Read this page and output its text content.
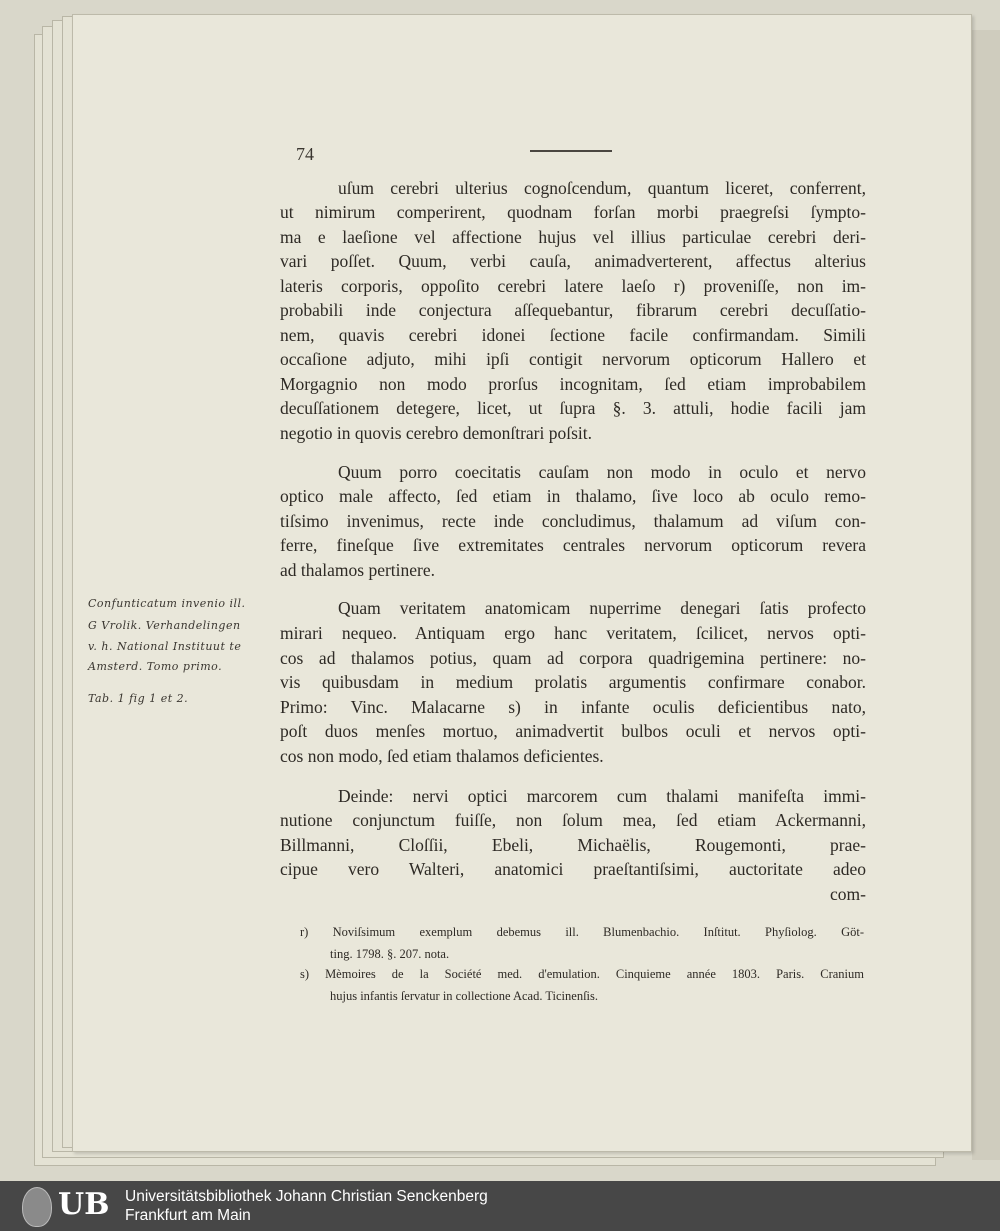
74
uſum cerebri ulterius cognoſcendum, quantum liceret, conferrent,
ut nimirum comperirent, quodnam forſan morbi praegreſsi ſympto-
ma e laeſione vel affectione hujus vel illius particulae cerebri deri-
vari poſſet. Quum, verbi cauſa, animadverterent, affectus alterius
lateris corporis, oppoſito cerebri latere laeſo r) proveniſſe, non im-
probabili inde conjectura aſſequebantur, fibrarum cerebri decuſſatio-
nem, quavis cerebri idonei ſectione facile confirmandam. Simili
occaſione adjuto, mihi ipſi contigit nervorum opticorum Hallero et
Morgagnio non modo prorſus incognitam, ſed etiam improbabilem
decuſſationem detegere, licet, ut ſupra §. 3. attuli, hodie facili jam
negotio in quovis cerebro demonſtrari poſsit.
Quum porro coecitatis cauſam non modo in oculo et nervo
optico male affecto, ſed etiam in thalamo, ſive loco ab oculo remo-
tiſsimo invenimus, recte inde concludimus, thalamum ad viſum con-
ferre, fineſque ſive extremitates centrales nervorum opticorum revera
ad thalamos pertinere.
Quam veritatem anatomicam nuperrime denegari ſatis profecto
mirari nequeo. Antiquam ergo hanc veritatem, ſcilicet, nervos opti-
cos ad thalamos potius, quam ad corpora quadrigemina pertinere: no-
vis quibusdam in medium prolatis argumentis confirmare conabor.
Primo: Vinc. Malacarne s) in infante oculis deficientibus nato,
poſt duos menſes mortuo, animadvertit bulbos oculi et nervos opti-
cos non modo, ſed etiam thalamos deficientes.
Deinde: nervi optici marcorem cum thalami manifeſta immi-
nutione conjunctum fuiſſe, non ſolum mea, ſed etiam Ackermanni,
Billmanni, Cloſſii, Ebeli, Michaëlis, Rougemonti, prae-
cipue vero Walteri, anatomici praeſtantiſsimi, auctoritate adeo
com-
r) Noviſsimum exemplum debemus ill. Blumenbachio. Inſtitut. Phyſiolog. Göt-
ting. 1798. §. 207. nota.
s) Mèmoires de la Société med. d'emulation. Cinquieme année 1803. Paris. Cranium
hujus infantis ſervatur in collectione Acad. Ticinenſis.
Confunticatum invenio ill.
G Vrolik. Verhandelingen
v. h. National Instituut te
Amsterd. Tomo primo.
Tab. 1 fig 1 et 2.
UB Universitätsbibliothek Johann Christian Senckenberg
Frankfurt am Main
